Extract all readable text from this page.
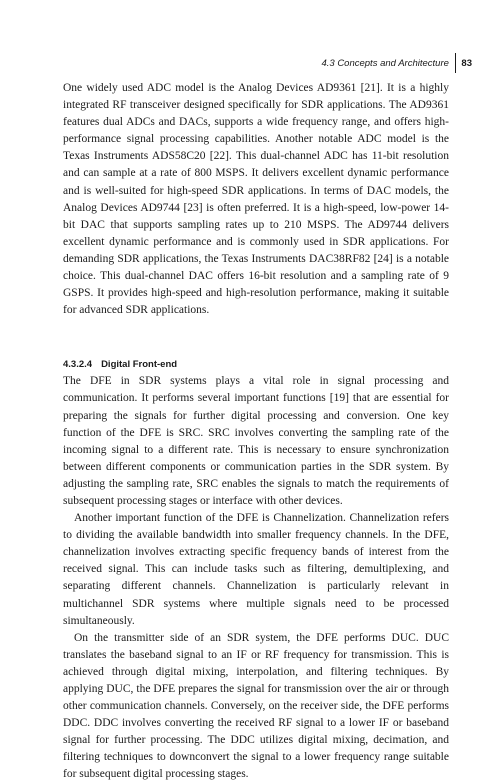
4.3 Concepts and Architecture	83

One widely used ADC model is the Analog Devices AD9361 [21]. It is a highly integrated RF transceiver designed specifically for SDR applications. The AD9361 features dual ADCs and DACs, supports a wide frequency range, and offers high-performance signal processing capabilities. Another notable ADC model is the Texas Instruments ADS58C20 [22]. This dual-channel ADC has 11-bit resolution and can sample at a rate of 800 MSPS. It delivers excellent dynamic performance and is well-suited for high-speed SDR applications. In terms of DAC models, the Analog Devices AD9744 [23] is often preferred. It is a high-speed, low-power 14-bit DAC that supports sampling rates up to 210 MSPS. The AD9744 delivers excellent dynamic performance and is commonly used in SDR applications. For demanding SDR applications, the Texas Instruments DAC38RF82 [24] is a notable choice. This dual-channel DAC offers 16-bit resolution and a sampling rate of 9 GSPS. It provides high-speed and high-resolution performance, making it suitable for advanced SDR applications.

4.3.2.4 Digital Front-end

The DFE in SDR systems plays a vital role in signal processing and communication. It performs several important functions [19] that are essential for preparing the signals for further digital processing and conversion. One key function of the DFE is SRC. SRC involves converting the sampling rate of the incoming signal to a different rate. This is necessary to ensure synchronization between different components or communication parties in the SDR system. By adjusting the sampling rate, SRC enables the signals to match the requirements of subsequent processing stages or interface with other devices.

Another important function of the DFE is Channelization. Channelization refers to dividing the available bandwidth into smaller frequency channels. In the DFE, channelization involves extracting specific frequency bands of interest from the received signal. This can include tasks such as filtering, demultiplexing, and separating different channels. Channelization is particularly relevant in multichannel SDR systems where multiple signals need to be processed simultaneously.

On the transmitter side of an SDR system, the DFE performs DUC. DUC translates the baseband signal to an IF or RF frequency for transmission. This is achieved through digital mixing, interpolation, and filtering techniques. By applying DUC, the DFE prepares the signal for transmission over the air or through other communication channels. Conversely, on the receiver side, the DFE performs DDC. DDC involves converting the received RF signal to a lower IF or baseband signal for further processing. The DDC utilizes digital mixing, decimation, and filtering techniques to downconvert the signal to a lower frequency range suitable for subsequent digital processing stages.
